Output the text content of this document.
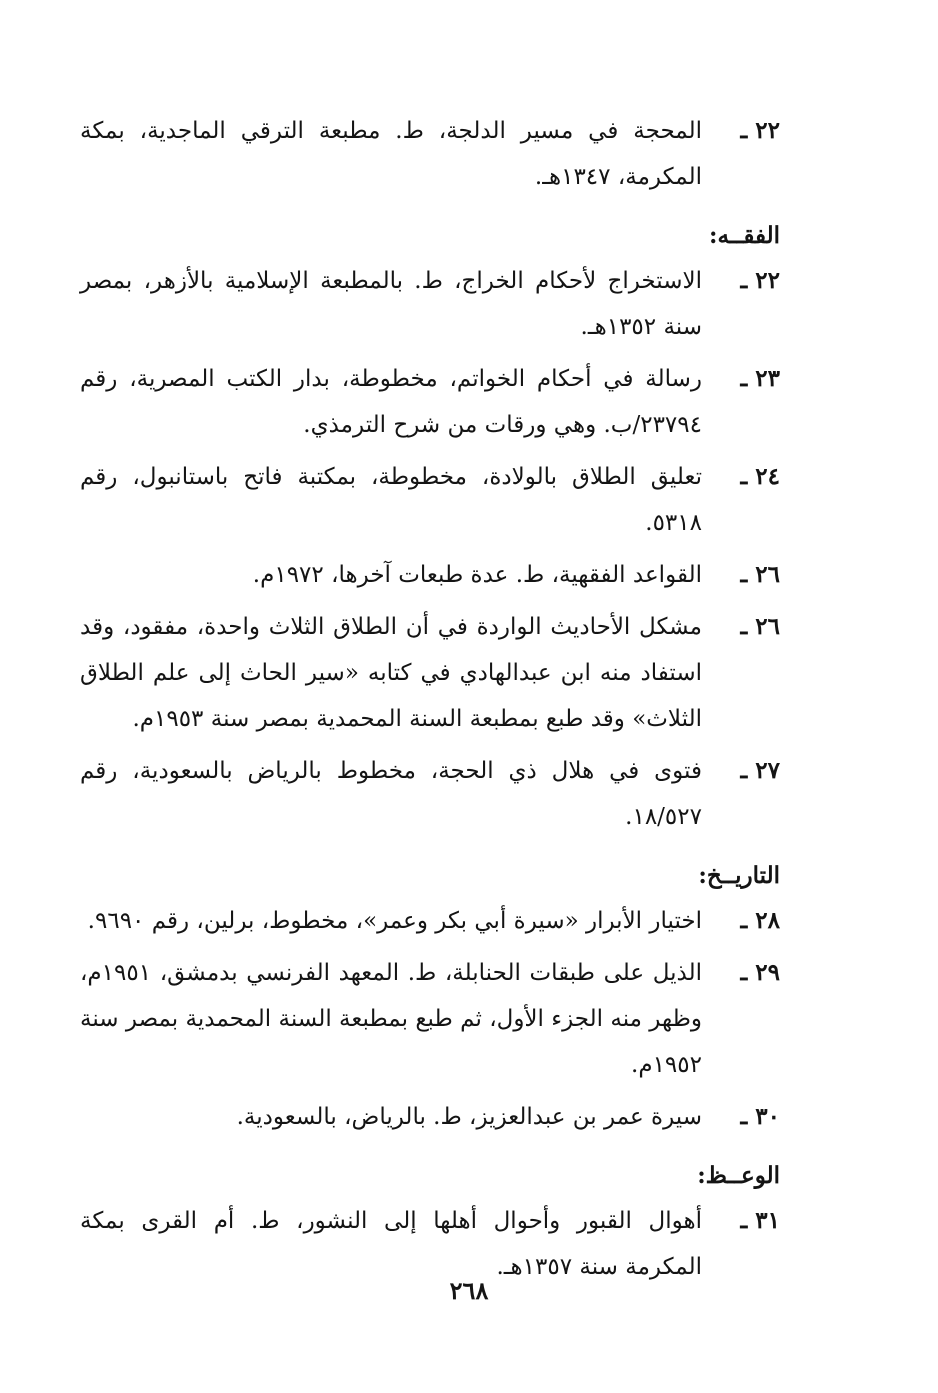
٢٢ ـ
المحجة في مسير الدلجة، ط. مطبعة الترقي الماجدية، بمكة المكرمة، ١٣٤٧هـ.
الفقــه:
٢٢ ـ
الاستخراج لأحكام الخراج، ط. بالمطبعة الإسلامية بالأزهر، بمصر سنة ١٣٥٢هـ.
٢٣ ـ
رسالة في أحكام الخواتم، مخطوطة، بدار الكتب المصرية، رقم ٢٣٧٩٤/ب. وهي ورقات من شرح الترمذي.
٢٤ ـ
تعليق الطلاق بالولادة، مخطوطة، بمكتبة فاتح باستانبول، رقم ٥٣١٨.
٢٦ ـ
القواعد الفقهية، ط. عدة طبعات آخرها، ١٩٧٢م.
٢٦ ـ
مشكل الأحاديث الواردة في أن الطلاق الثلاث واحدة، مفقود، وقد استفاد منه ابن عبدالهادي في كتابه «سير الحاث إلى علم الطلاق الثلاث» وقد طبع بمطبعة السنة المحمدية بمصر سنة ١٩٥٣م.
٢٧ ـ
فتوى في هلال ذي الحجة، مخطوط بالرياض بالسعودية، رقم ١٨/٥٢٧.
التاريــخ:
٢٨ ـ
اختيار الأبرار «سيرة أبي بكر وعمر»، مخطوط، برلين، رقم ٩٦٩٠.
٢٩ ـ
الذيل على طبقات الحنابلة، ط. المعهد الفرنسي بدمشق، ١٩٥١م، وظهر منه الجزء الأول، ثم طبع بمطبعة السنة المحمدية بمصر سنة ١٩٥٢م.
٣٠ ـ
سيرة عمر بن عبدالعزيز، ط. بالرياض، بالسعودية.
الوعــظ:
٣١ ـ
أهوال القبور وأحوال أهلها إلى النشور، ط. أم القرى بمكة المكرمة سنة ١٣٥٧هـ.
٢٦٨
